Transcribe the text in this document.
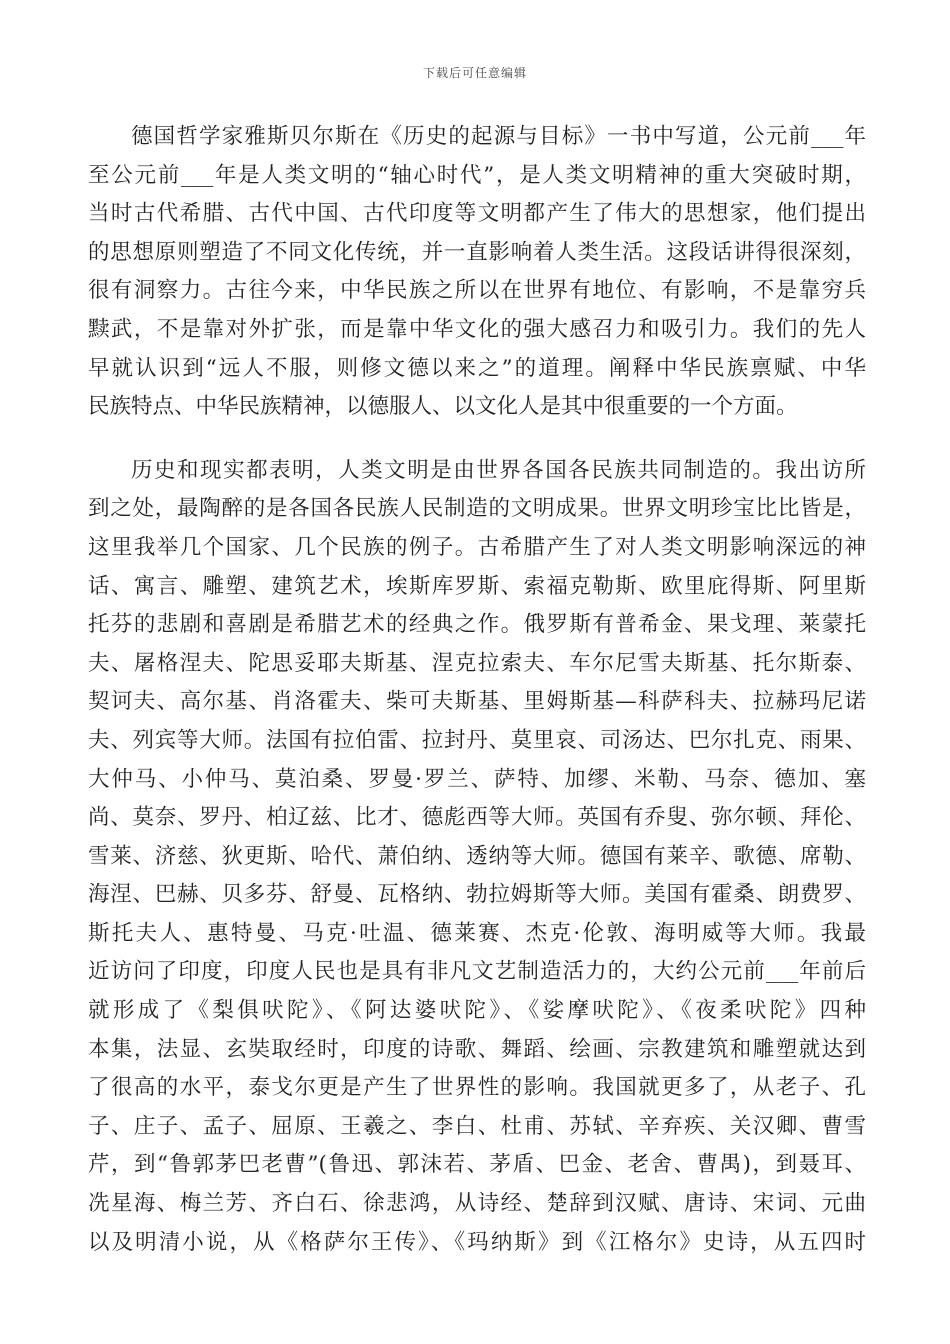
下载后可任意编辑
德国哲学家雅斯贝尔斯在《历史的起源与目标》一书中写道，公元前___年
至公元前___年是人类文明的“轴心时代”，是人类文明精神的重大突破时期，
当时古代希腊、古代中国、古代印度等文明都产生了伟大的思想家，他们提出
的思想原则塑造了不同文化传统，并一直影响着人类生活。这段话讲得很深刻，
很有洞察力。古往今来，中华民族之所以在世界有地位、有影响，不是靠穷兵
黩武，不是靠对外扩张，而是靠中华文化的强大感召力和吸引力。我们的先人
早就认识到“远人不服，则修文德以来之”的道理。阐释中华民族禀赋、中华
民族特点、中华民族精神，以德服人、以文化人是其中很重要的一个方面。
历史和现实都表明，人类文明是由世界各国各民族共同制造的。我出访所
到之处，最陶醉的是各国各民族人民制造的文明成果。世界文明珍宝比比皆是，
这里我举几个国家、几个民族的例子。古希腊产生了对人类文明影响深远的神
话、寓言、雕塑、建筑艺术，埃斯库罗斯、索福克勒斯、欧里庇得斯、阿里斯
托芬的悲剧和喜剧是希腊艺术的经典之作。俄罗斯有普希金、果戈理、莱蒙托
夫、屠格涅夫、陀思妥耶夫斯基、涅克拉索夫、车尔尼雪夫斯基、托尔斯泰、
契诃夫、高尔基、肖洛霍夫、柴可夫斯基、里姆斯基—科萨科夫、拉赫玛尼诺
夫、列宾等大师。法国有拉伯雷、拉封丹、莫里哀、司汤达、巴尔扎克、雨果、
大仲马、小仲马、莫泊桑、罗曼·罗兰、萨特、加缪、米勒、马奈、德加、塞
尚、莫奈、罗丹、柏辽兹、比才、德彪西等大师。英国有乔叟、弥尔顿、拜伦、
雪莱、济慈、狄更斯、哈代、萧伯纳、透纳等大师。德国有莱辛、歌德、席勒、
海涅、巴赫、贝多芬、舒曼、瓦格纳、勃拉姆斯等大师。美国有霍桑、朗费罗、
斯托夫人、惠特曼、马克·吐温、德莱赛、杰克·伦敦、海明威等大师。我最
近访问了印度，印度人民也是具有非凡文艺制造活力的，大约公元前___年前后
就形成了《梨俱吠陀》、《阿达婆吠陀》、《娑摩吠陀》、《夜柔吠陀》四种
本集，法显、玄奘取经时，印度的诗歌、舞蹈、绘画、宗教建筑和雕塑就达到
了很高的水平，泰戈尔更是产生了世界性的影响。我国就更多了，从老子、孔
子、庄子、孟子、屈原、王羲之、李白、杜甫、苏轼、辛弃疾、关汉卿、曹雪
芹，到“鲁郭茅巴老曹”(鲁迅、郭沫若、茅盾、巴金、老舍、曹禺)，到聂耳、
冼星海、梅兰芳、齐白石、徐悲鸿，从诗经、楚辞到汉赋、唐诗、宋词、元曲
以及明清小说，从《格萨尔王传》、《玛纳斯》到《江格尔》史诗，从五四时
